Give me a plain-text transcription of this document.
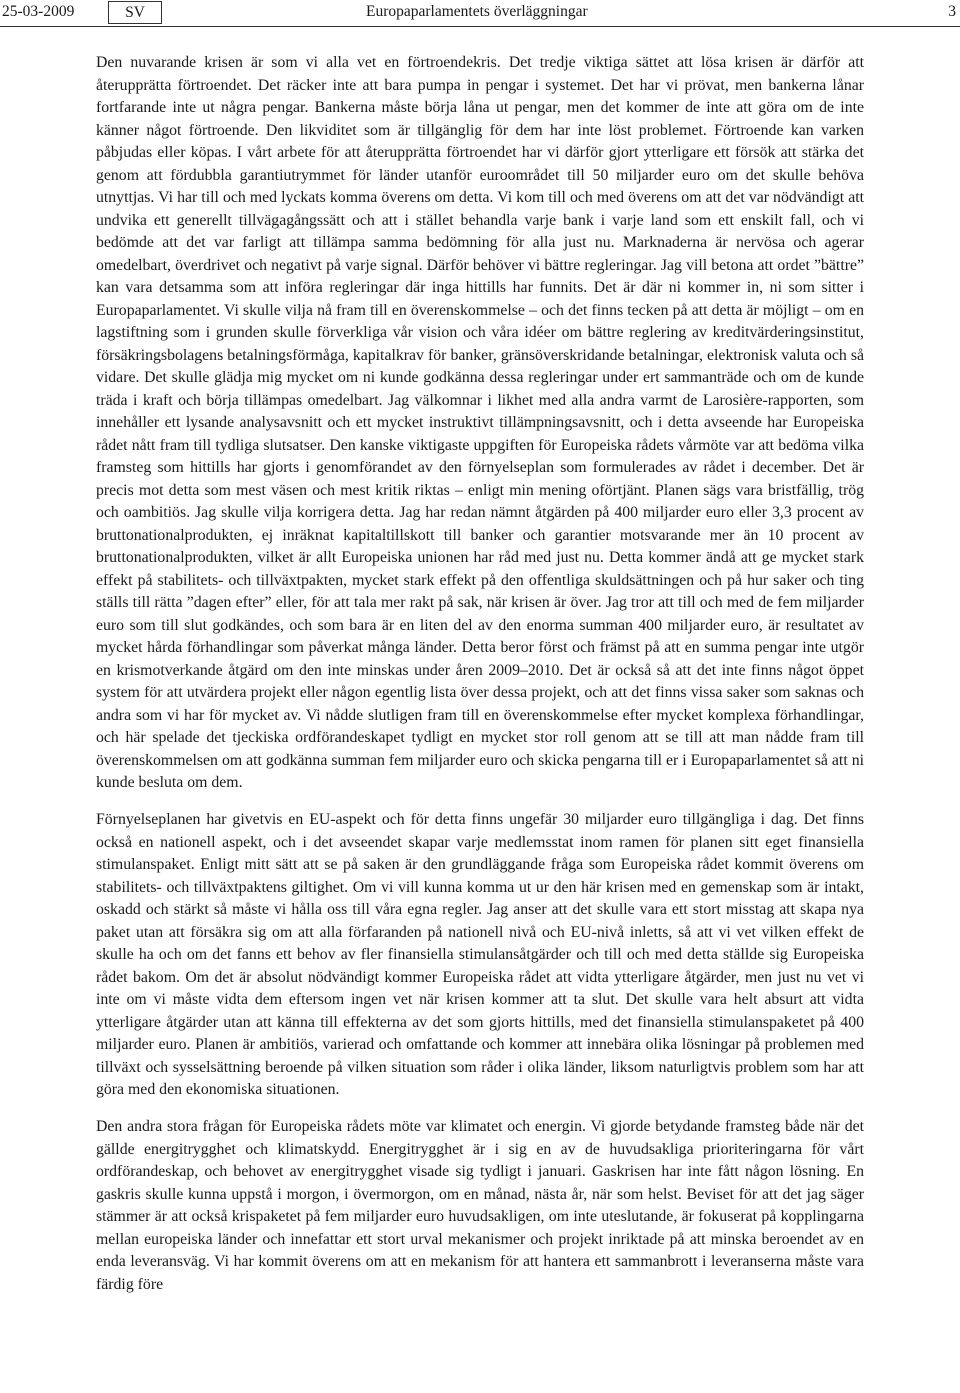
25-03-2009	SV	Europaparlamentets överläggningar	3

Den nuvarande krisen är som vi alla vet en förtroendekris. Det tredje viktiga sättet att lösa krisen är därför att återupprätta förtroendet. Det räcker inte att bara pumpa in pengar i systemet. Det har vi prövat, men bankerna lånar fortfarande inte ut några pengar. Bankerna måste börja låna ut pengar, men det kommer de inte att göra om de inte känner något förtroende. Den likviditet som är tillgänglig för dem har inte löst problemet. Förtroende kan varken påbjudas eller köpas. I vårt arbete för att återupprätta förtroendet har vi därför gjort ytterligare ett försök att stärka det genom att fördubbla garantiutrymmet för länder utanför euroområdet till 50 miljarder euro om det skulle behöva utnyttjas. Vi har till och med lyckats komma överens om detta. Vi kom till och med överens om att det var nödvändigt att undvika ett generellt tillvägagångssätt och att i stället behandla varje bank i varje land som ett enskilt fall, och vi bedömde att det var farligt att tillämpa samma bedömning för alla just nu. Marknaderna är nervösa och agerar omedelbart, överdrivet och negativt på varje signal. Därför behöver vi bättre regleringar. Jag vill betona att ordet ”bättre” kan vara detsamma som att införa regleringar där inga hittills har funnits. Det är där ni kommer in, ni som sitter i Europaparlamentet. Vi skulle vilja nå fram till en överenskommelse – och det finns tecken på att detta är möjligt – om en lagstiftning som i grunden skulle förverkliga vår vision och våra idéer om bättre reglering av kreditvärderingsinstitut, försäkringsbolagens betalningsförmåga, kapitalkrav för banker, gränsöverskridande betalningar, elektronisk valuta och så vidare. Det skulle glädja mig mycket om ni kunde godkänna dessa regleringar under ert sammanträde och om de kunde träda i kraft och börja tillämpas omedelbart. Jag välkomnar i likhet med alla andra varmt de Larosière-rapporten, som innehåller ett lysande analysavsnitt och ett mycket instruktivt tillämpningsavsnitt, och i detta avseende har Europeiska rådet nått fram till tydliga slutsatser. Den kanske viktigaste uppgiften för Europeiska rådets vårmöte var att bedöma vilka framsteg som hittills har gjorts i genomförandet av den förnyelseplan som formulerades av rådet i december. Det är precis mot detta som mest väsen och mest kritik riktas – enligt min mening oförtjänt. Planen sägs vara bristfällig, trög och oambitiös. Jag skulle vilja korrigera detta. Jag har redan nämnt åtgärden på 400 miljarder euro eller 3,3 procent av bruttonationalprodukten, ej inräknat kapitaltillskott till banker och garantier motsvarande mer än 10 procent av bruttonationalprodukten, vilket är allt Europeiska unionen har råd med just nu. Detta kommer ändå att ge mycket stark effekt på stabilitets- och tillväxtpakten, mycket stark effekt på den offentliga skuldsättningen och på hur saker och ting ställs till rätta ”dagen efter” eller, för att tala mer rakt på sak, när krisen är över. Jag tror att till och med de fem miljarder euro som till slut godkändes, och som bara är en liten del av den enorma summan 400 miljarder euro, är resultatet av mycket hårda förhandlingar som påverkat många länder. Detta beror först och främst på att en summa pengar inte utgör en krismotverkande åtgärd om den inte minskas under åren 2009–2010. Det är också så att det inte finns något öppet system för att utvärdera projekt eller någon egentlig lista över dessa projekt, och att det finns vissa saker som saknas och andra som vi har för mycket av. Vi nådde slutligen fram till en överenskommelse efter mycket komplexa förhandlingar, och här spelade det tjeckiska ordförandeskapet tydligt en mycket stor roll genom att se till att man nådde fram till överenskommelsen om att godkänna summan fem miljarder euro och skicka pengarna till er i Europaparlamentet så att ni kunde besluta om dem.

Förnyelseplanen har givetvis en EU-aspekt och för detta finns ungefär 30 miljarder euro tillgängliga i dag. Det finns också en nationell aspekt, och i det avseendet skapar varje medlemsstat inom ramen för planen sitt eget finansiella stimulanspaket. Enligt mitt sätt att se på saken är den grundläggande fråga som Europeiska rådet kommit överens om stabilitets- och tillväxtpaktens giltighet. Om vi vill kunna komma ut ur den här krisen med en gemenskap som är intakt, oskadd och stärkt så måste vi hålla oss till våra egna regler. Jag anser att det skulle vara ett stort misstag att skapa nya paket utan att försäkra sig om att alla förfaranden på nationell nivå och EU-nivå inletts, så att vi vet vilken effekt de skulle ha och om det fanns ett behov av fler finansiella stimulansåtgärder och till och med detta ställde sig Europeiska rådet bakom. Om det är absolut nödvändigt kommer Europeiska rådet att vidta ytterligare åtgärder, men just nu vet vi inte om vi måste vidta dem eftersom ingen vet när krisen kommer att ta slut. Det skulle vara helt absurt att vidta ytterligare åtgärder utan att känna till effekterna av det som gjorts hittills, med det finansiella stimulanspaketet på 400 miljarder euro. Planen är ambitiös, varierad och omfattande och kommer att innebära olika lösningar på problemen med tillväxt och sysselsättning beroende på vilken situation som råder i olika länder, liksom naturligtvis problem som har att göra med den ekonomiska situationen.

Den andra stora frågan för Europeiska rådets möte var klimatet och energin. Vi gjorde betydande framsteg både när det gällde energitrygghet och klimatskydd. Energitrygghet är i sig en av de huvudsakliga prioriteringarna för vårt ordförandeskap, och behovet av energitrygghet visade sig tydligt i januari. Gaskrisen har inte fått någon lösning. En gaskris skulle kunna uppstå i morgon, i övermorgon, om en månad, nästa år, när som helst. Beviset för att det jag säger stämmer är att också krispaketet på fem miljarder euro huvudsakligen, om inte uteslutande, är fokuserat på kopplingarna mellan europeiska länder och innefattar ett stort urval mekanismer och projekt inriktade på att minska beroendet av en enda leveransväg. Vi har kommit överens om att en mekanism för att hantera ett sammanbrott i leveranserna måste vara färdig före
